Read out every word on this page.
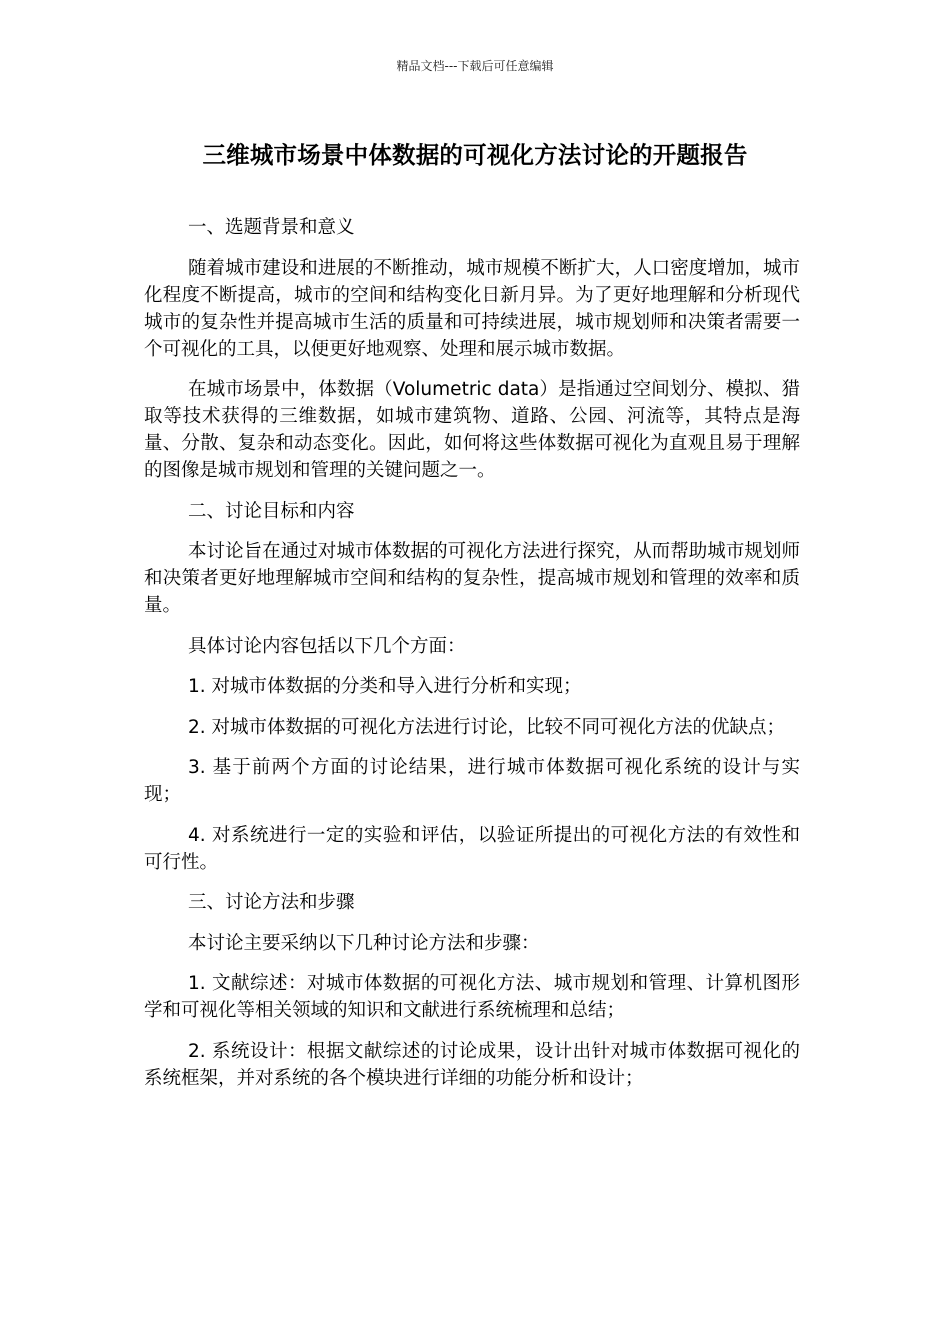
精品文档---下载后可任意编辑
三维城市场景中体数据的可视化方法讨论的开题报告

一、选题背景和意义

随着城市建设和进展的不断推动，城市规模不断扩大，人口密度增加，城市化程度不断提高，城市的空间和结构变化日新月异。为了更好地理解和分析现代城市的复杂性并提高城市生活的质量和可持续进展，城市规划师和决策者需要一个可视化的工具，以便更好地观察、处理和展示城市数据。

在城市场景中，体数据（Volumetric data）是指通过空间划分、模拟、猎取等技术获得的三维数据，如城市建筑物、道路、公园、河流等，其特点是海量、分散、复杂和动态变化。因此，如何将这些体数据可视化为直观且易于理解的图像是城市规划和管理的关键问题之一。

二、讨论目标和内容

本讨论旨在通过对城市体数据的可视化方法进行探究，从而帮助城市规划师和决策者更好地理解城市空间和结构的复杂性，提高城市规划和管理的效率和质量。

具体讨论内容包括以下几个方面：

1. 对城市体数据的分类和导入进行分析和实现；

2. 对城市体数据的可视化方法进行讨论，比较不同可视化方法的优缺点；

3. 基于前两个方面的讨论结果，进行城市体数据可视化系统的设计与实现；

4. 对系统进行一定的实验和评估，以验证所提出的可视化方法的有效性和可行性。

三、讨论方法和步骤

本讨论主要采纳以下几种讨论方法和步骤：

1. 文献综述：对城市体数据的可视化方法、城市规划和管理、计算机图形学和可视化等相关领域的知识和文献进行系统梳理和总结；

2. 系统设计：根据文献综述的讨论成果，设计出针对城市体数据可视化的系统框架，并对系统的各个模块进行详细的功能分析和设计；
